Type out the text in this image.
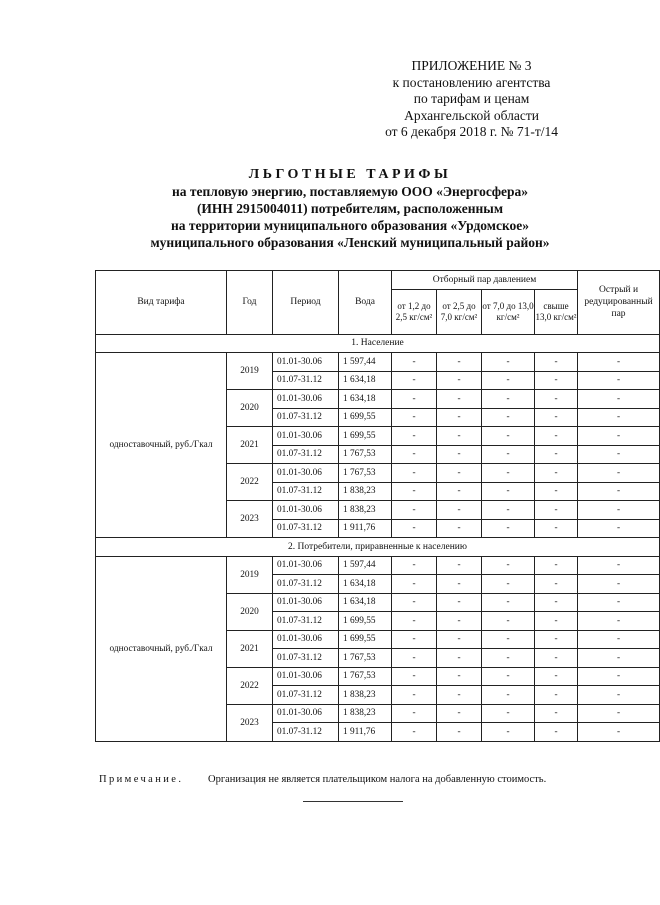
ПРИЛОЖЕНИЕ № 3
к постановлению агентства
по тарифам и ценам
Архангельской области
от 6 декабря 2018 г. № 71-т/14
ЛЬГОТНЫЕ ТАРИФЫ
на тепловую энергию, поставляемую ООО «Энергосфера»
(ИНН 2915004011) потребителям, расположенным
на территории муниципального образования «Урдомское»
муниципального образования «Ленский муниципальный район»
Вид тарифа	Год	Период	Вода	Отборный пар давлением				Острый и редуцированный пар
				от 1,2 до 2,5 кг/см²	от 2,5 до 7,0 кг/см²	от 7,0 до 13,0 кг/см²	свыше 13,0 кг/см²	
1. Население								
одноставочный, руб./Гкал	2019	01.01-30.06	1 597,44	-	-	-	-	-
		01.07-31.12	1 634,18	-	-	-	-	-
	2020	01.01-30.06	1 634,18	-	-	-	-	-
		01.07-31.12	1 699,55	-	-	-	-	-
	2021	01.01-30.06	1 699,55	-	-	-	-	-
		01.07-31.12	1 767,53	-	-	-	-	-
	2022	01.01-30.06	1 767,53	-	-	-	-	-
		01.07-31.12	1 838,23	-	-	-	-	-
	2023	01.01-30.06	1 838,23	-	-	-	-	-
		01.07-31.12	1 911,76	-	-	-	-	-
2. Потребители, приравненные к населению								
одноставочный, руб./Гкал	2019	01.01-30.06	1 597,44	-	-	-	-	-
		01.07-31.12	1 634,18	-	-	-	-	-
	2020	01.01-30.06	1 634,18	-	-	-	-	-
		01.07-31.12	1 699,55	-	-	-	-	-
	2021	01.01-30.06	1 699,55	-	-	-	-	-
		01.07-31.12	1 767,53	-	-	-	-	-
	2022	01.01-30.06	1 767,53	-	-	-	-	-
		01.07-31.12	1 838,23	-	-	-	-	-
	2023	01.01-30.06	1 838,23	-	-	-	-	-
		01.07-31.12	1 911,76	-	-	-	-	-
Примечание. Организация не является плательщиком налога на добавленную стоимость.
